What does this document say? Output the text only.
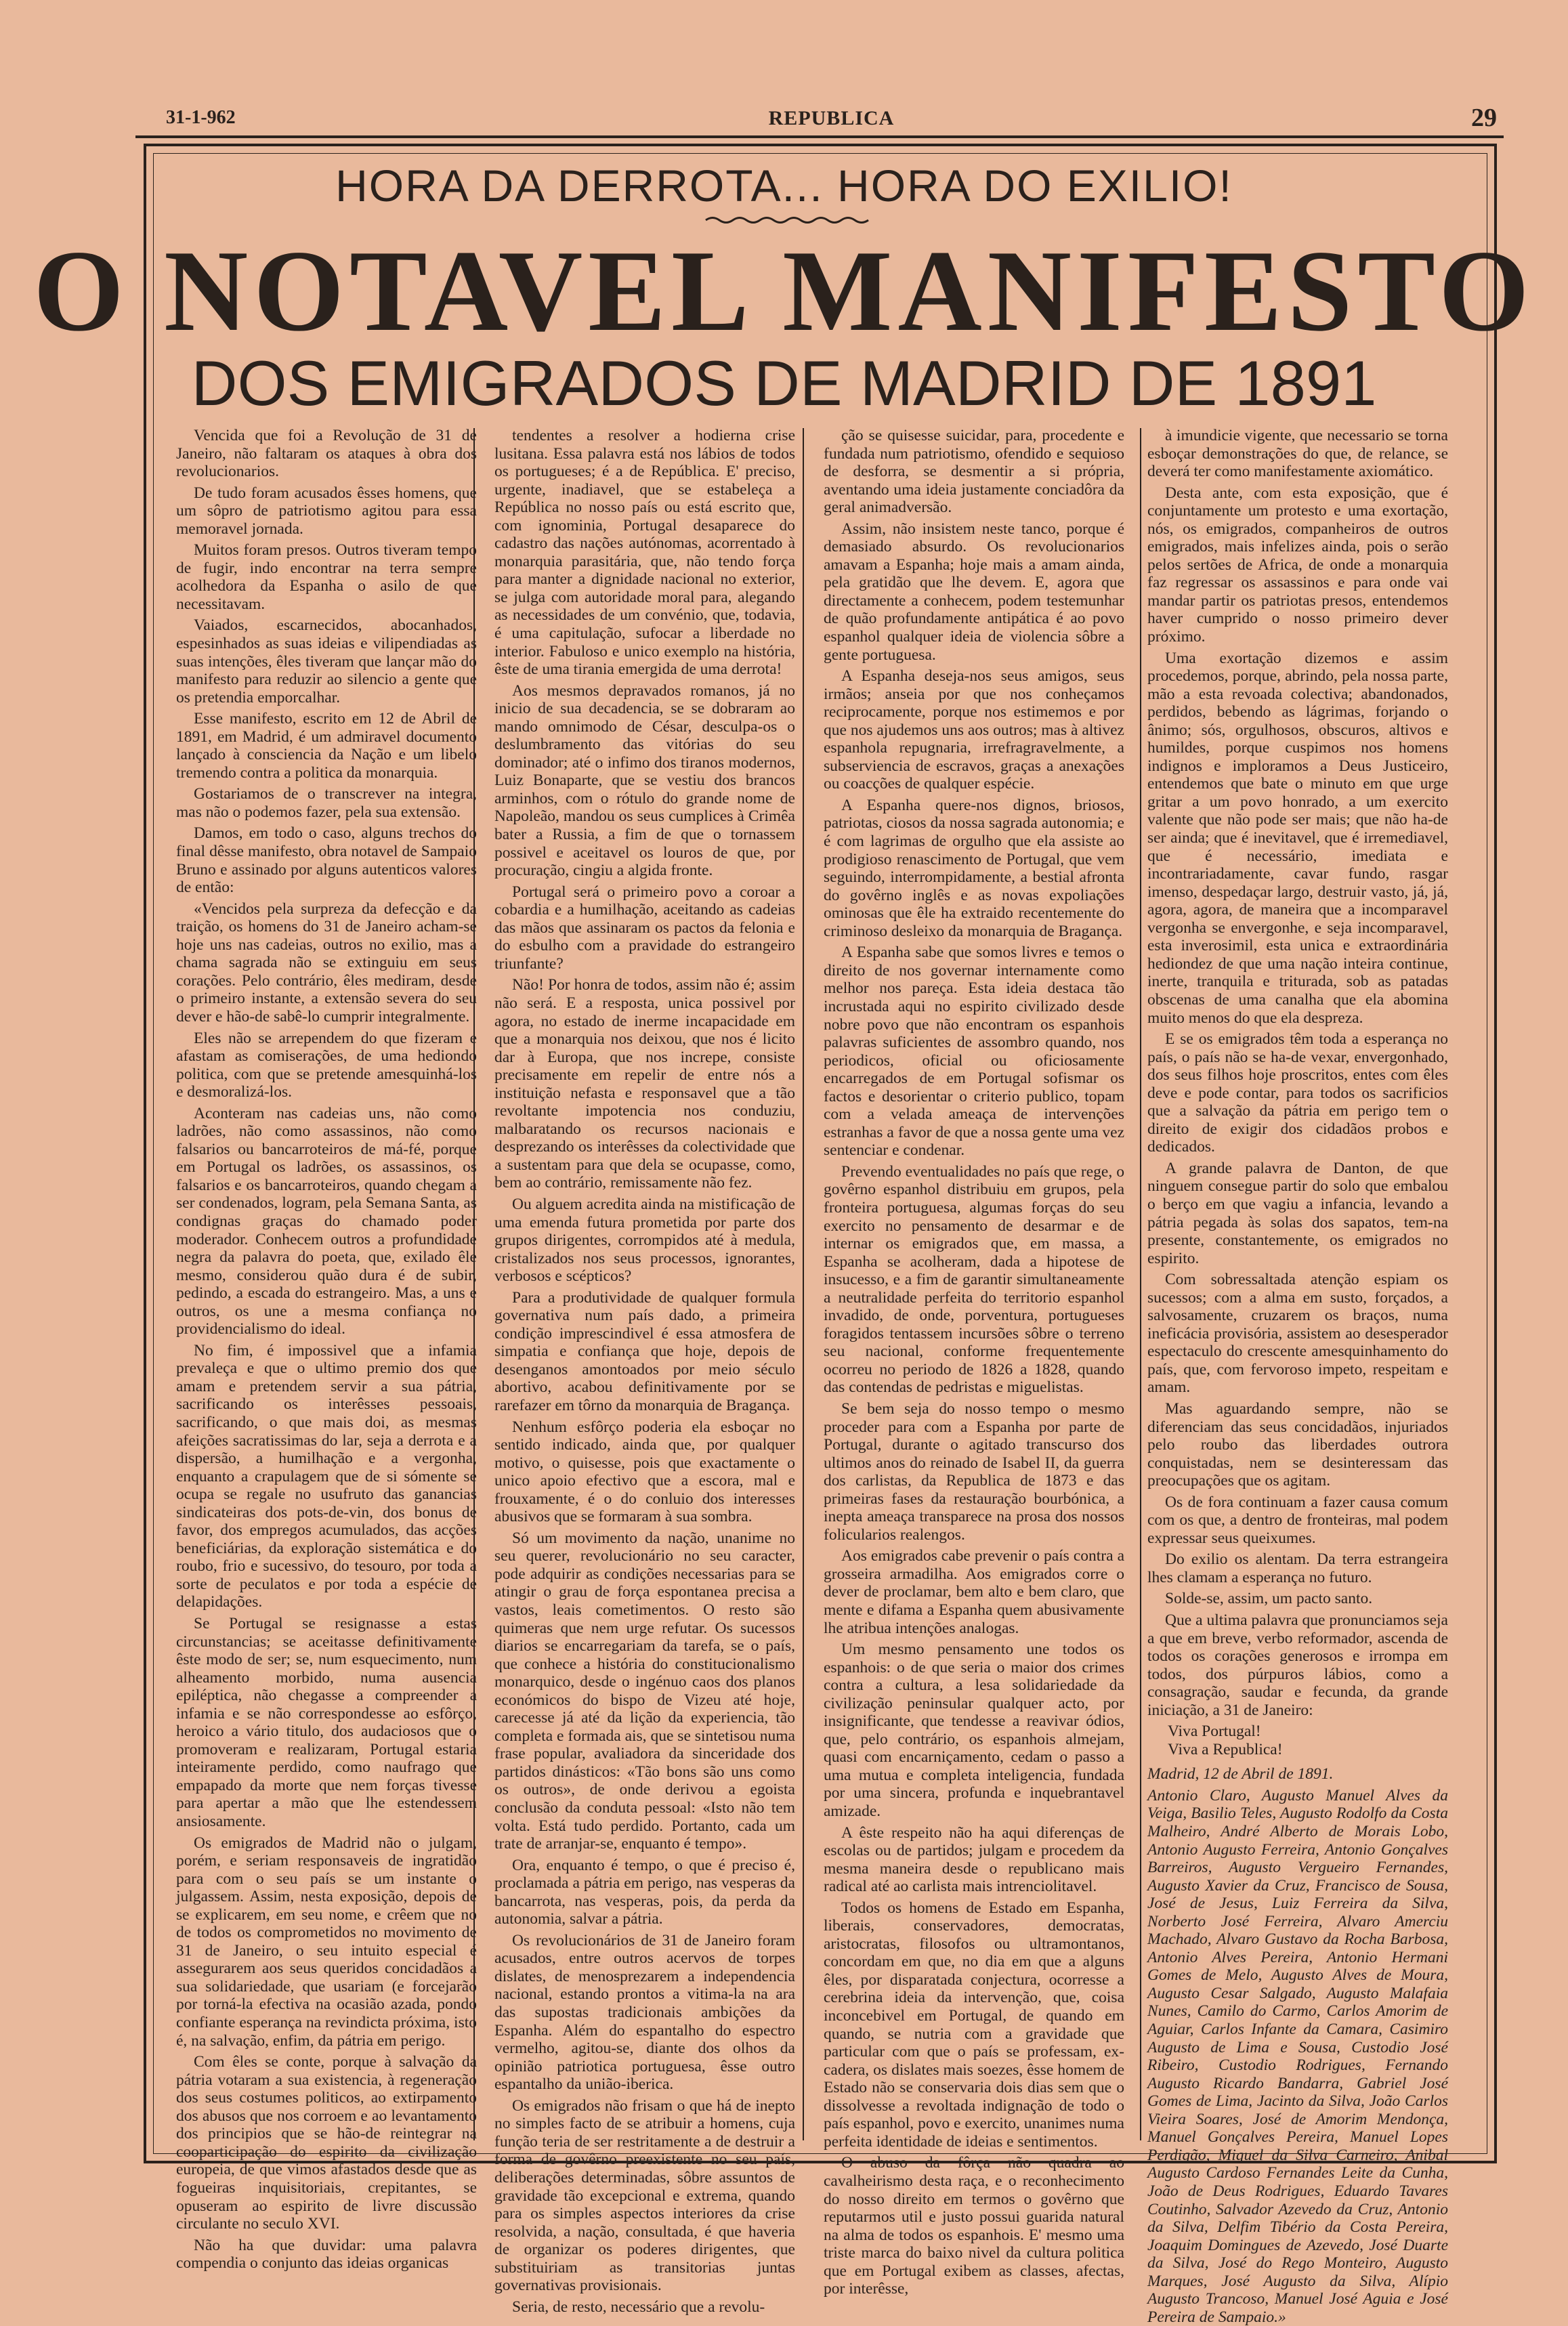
31-1-962	REPUBLICA	29
HORA DA DERROTA... HORA DO EXILIO!
O NOTAVEL MANIFESTO
DOS EMIGRADOS DE MADRID DE 1891

Vencida que foi a Revolução de 31 de Janeiro, não faltaram os ataques à obra dos revolucionarios.

De tudo foram acusados êsses homens, que um sôpro de patriotismo agitou para essa memoravel jornada.

Muitos foram presos. Outros tiveram tempo de fugir, indo encontrar na terra sempre acolhedora da Espanha o asilo de que necessitavam.

Vaiados, escarnecidos, abocanhados, espesinhados as suas ideias e vilipendiadas as suas intenções, êles tiveram que lançar mão do manifesto para reduzir ao silencio a gente que os pretendia emporcalhar.

Esse manifesto, escrito em 12 de Abril de 1891, em Madrid, é um admiravel documento lançado à consciencia da Nação e um libelo tremendo contra a politica da monarquia.

Gostariamos de o transcrever na integra, mas não o podemos fazer, pela sua extensão.

Damos, em todo o caso, alguns trechos do final dêsse manifesto, obra notavel de Sampaio Bruno e assinado por alguns autenticos valores de então:

«Vencidos pela surpreza da defecção e da traição, os homens do 31 de Janeiro acham-se hoje uns nas cadeias, outros no exilio, mas a chama sagrada não se extinguiu em seus corações. Pelo contrário, êles mediram, desde o primeiro instante, a extensão severa do seu dever e hão-de sabê-lo cumprir integralmente.

Eles não se arrependem do que fizeram e afastam as comiserações, de uma hediondo politica, com que se pretende amesquinhá-los e desmoralizá-los.

Aconteram nas cadeias uns, não como ladrões, não como assassinos, não como falsarios ou bancarroteiros de má-fé, porque em Portugal os ladrões, os assassinos, os falsarios e os bancarroteiros, quando chegam a ser condenados, logram, pela Semana Santa, as condignas graças do chamado poder moderador. Conhecem outros a profundidade negra da palavra do poeta, que, exilado êle mesmo, considerou quão dura é de subir, pedindo, a escada do estrangeiro. Mas, a uns e outros, os une a mesma confiança no providencialismo do ideal.

No fim, é impossivel que a infamia prevaleça e que o ultimo premio dos que amam e pretendem servir a sua pátria, sacrificando os interêsses pessoais, sacrificando, o que mais doi, as mesmas afeições sacratissimas do lar, seja a derrota e a dispersão, a humilhação e a vergonha, enquanto a crapulagem que de si sómente se ocupa se regale no usufruto das ganancias sindicateiras dos pots-de-vin, dos bonus de favor, dos empregos acumulados, das acções beneficiárias, da exploração sistemática e do roubo, frio e sucessivo, do tesouro, por toda a sorte de peculatos e por toda a espécie de delapidações.

Se Portugal se resignasse a estas circunstancias; se aceitasse definitivamente êste modo de ser; se, num esquecimento, num alheamento morbido, numa ausencia epiléptica, não chegasse a compreender a infamia e se não correspondesse ao esfôrço, heroico a vário titulo, dos audaciosos que o promoveram e realizaram, Portugal estaria inteiramente perdido, como naufrago que empapado da morte que nem forças tivesse para apertar a mão que lhe estendessem ansiosamente.

Os emigrados de Madrid não o julgam, porém, e seriam responsaveis de ingratidão para com o seu país se um instante o julgassem. Assim, nesta exposição, depois de se explicarem, em seu nome, e crêem que no de todos os comprometidos no movimento de 31 de Janeiro, o seu intuito especial é assegurarem aos seus queridos concidadãos a sua solidariedade, que usariam (e forcejarão por torná-la efectiva na ocasião azada, pondo confiante esperança na revindicta próxima, isto é, na salvação, enfim, da pátria em perigo.

Com êles se conte, porque à salvação da pátria votaram a sua existencia, à regeneração dos seus costumes politicos, ao extirpamento dos abusos que nos corroem e ao levantamento dos principios que se hão-de reintegrar na cooparticipação do espirito da civilização europeia, de que vimos afastados desde que as fogueiras inquisitoriais, crepitantes, se opuseram ao espirito de livre discussão circulante no seculo XVI.

Não ha que duvidar: uma palavra compendia o conjunto das ideias organicas

tendentes a resolver a hodierna crise lusitana. Essa palavra está nos lábios de todos os portugueses; é a de República. E' preciso, urgente, inadiavel, que se estabeleça a República no nosso país ou está escrito que, com ignominia, Portugal desaparece do cadastro das nações autónomas, acorrentado à monarquia parasitária, que, não tendo força para manter a dignidade nacional no exterior, se julga com autoridade moral para, alegando as necessidades de um convénio, que, todavia, é uma capitulação, sufocar a liberdade no interior. Fabuloso e unico exemplo na história, êste de uma tirania emergida de uma derrota!

Aos mesmos depravados romanos, já no inicio de sua decadencia, se se dobraram ao mando omnimodo de César, desculpa-os o deslumbramento das vitórias do seu dominador; até o infimo dos tiranos modernos, Luiz Bonaparte, que se vestiu dos brancos arminhos, com o rótulo do grande nome de Napoleão, mandou os seus cumplices à Crimêa bater a Russia, a fim de que o tornassem possivel e aceitavel os louros de que, por procuração, cingiu a algida fronte.

Portugal será o primeiro povo a coroar a cobardia e a humilhação, aceitando as cadeias das mãos que assinaram os pactos da felonia e do esbulho com a pravidade do estrangeiro triunfante?

Não! Por honra de todos, assim não é; assim não será. E a resposta, unica possivel por agora, no estado de inerme incapacidade em que a monarquia nos deixou, que nos é licito dar à Europa, que nos increpe, consiste precisamente em repelir de entre nós a instituição nefasta e responsavel que a tão revoltante impotencia nos conduziu, malbaratando os recursos nacionais e desprezando os interêsses da colectividade que a sustentam para que dela se ocupasse, como, bem ao contrário, remissamente não fez.

Ou alguem acredita ainda na mistificação de uma emenda futura prometida por parte dos grupos dirigentes, corrompidos até à medula, cristalizados nos seus processos, ignorantes, verbosos e scépticos?

Para a produtividade de qualquer formula governativa num país dado, a primeira condição imprescindivel é essa atmosfera de simpatia e confiança que hoje, depois de desenganos amontoados por meio século abortivo, acabou definitivamente por se rarefazer em tôrno da monarquia de Bragança.

Nenhum esfôrço poderia ela esboçar no sentido indicado, ainda que, por qualquer motivo, o quisesse, pois que exactamente o unico apoio efectivo que a escora, mal e frouxamente, é o do conluio dos interesses abusivos que se formaram à sua sombra.

Só um movimento da nação, unanime no seu querer, revolucionário no seu caracter, pode adquirir as condições necessarias para se atingir o grau de força espontanea precisa a vastos, leais cometimentos. O resto são quimeras que nem urge refutar. Os sucessos diarios se encarregariam da tarefa, se o país, que conhece a história do constitucionalismo monarquico, desde o ingénuo caos dos planos económicos do bispo de Vizeu até hoje, carecesse já até da lição da experiencia, tão completa e formada ais, que se sintetisou numa frase popular, avaliadora da sinceridade dos partidos dinásticos: «Tão bons são uns como os outros», de onde derivou a egoista conclusão da conduta pessoal: «Isto não tem volta. Está tudo perdido. Portanto, cada um trate de arranjar-se, enquanto é tempo».

Ora, enquanto é tempo, o que é preciso é, proclamada a pátria em perigo, nas vesperas da bancarrota, nas vesperas, pois, da perda da autonomia, salvar a pátria.

Os revolucionários de 31 de Janeiro foram acusados, entre outros acervos de torpes dislates, de menosprezarem a independencia nacional, estando prontos a vitima-la na ara das supostas tradicionais ambições da Espanha. Além do espantalho do espectro vermelho, agitou-se, diante dos olhos da opinião patriotica portuguesa, êsse outro espantalho da união-iberica.

Os emigrados não frisam o que há de inepto no simples facto de se atribuir a homens, cuja função teria de ser restritamente a de destruir a forma de govêrno preexistente no seu país, deliberações determinadas, sôbre assuntos de gravidade tão excepcional e extrema, quando para os simples aspectos interiores da crise resolvida, a nação, consultada, é que haveria de organizar os poderes dirigentes, que substituiriam as transitorias juntas governativas provisionais.

Seria, de resto, necessário que a revolu-

ção se quisesse suicidar, para, procedente e fundada num patriotismo, ofendido e sequioso de desforra, se desmentir a si própria, aventando uma ideia justamente conciadôra da geral animadversão.

Assim, não insistem neste tanco, porque é demasiado absurdo. Os revolucionarios amavam a Espanha; hoje mais a amam ainda, pela gratidão que lhe devem. E, agora que directamente a conhecem, podem testemunhar de quão profundamente antipática é ao povo espanhol qualquer ideia de violencia sôbre a gente portuguesa.

A Espanha deseja-nos seus amigos, seus irmãos; anseia por que nos conheçamos reciprocamente, porque nos estimemos e por que nos ajudemos uns aos outros; mas à altivez espanhola repugnaria, irrefragravelmente, a subserviencia de escravos, graças a anexações ou coacções de qualquer espécie.

A Espanha quere-nos dignos, briosos, patriotas, ciosos da nossa sagrada autonomia; e é com lagrimas de orgulho que ela assiste ao prodigioso renascimento de Portugal, que vem seguindo, interrompidamente, a bestial afronta do govêrno inglês e as novas expoliações ominosas que êle ha extraido recentemente do criminoso desleixo da monarquia de Bragança.

A Espanha sabe que somos livres e temos o direito de nos governar internamente como melhor nos pareça. Esta ideia destaca tão incrustada aqui no espirito civilizado desde nobre povo que não encontram os espanhois palavras suficientes de assombro quando, nos periodicos, oficial ou oficiosamente encarregados de em Portugal sofismar os factos e desorientar o criterio publico, topam com a velada ameaça de intervenções estranhas a favor de que a nossa gente uma vez sentenciar e condenar.

Prevendo eventualidades no país que rege, o govêrno espanhol distribuiu em grupos, pela fronteira portuguesa, algumas forças do seu exercito no pensamento de desarmar e de internar os emigrados que, em massa, a Espanha se acolheram, dada a hipotese de insucesso, e a fim de garantir simultaneamente a neutralidade perfeita do territorio espanhol invadido, de onde, porventura, portugueses foragidos tentassem incursões sôbre o terreno seu nacional, conforme frequentemente ocorreu no periodo de 1826 a 1828, quando das contendas de pedristas e miguelistas.

Se bem seja do nosso tempo o mesmo proceder para com a Espanha por parte de Portugal, durante o agitado transcurso dos ultimos anos do reinado de Isabel II, da guerra dos carlistas, da Republica de 1873 e das primeiras fases da restauração bourbónica, a inepta ameaça transparece na prosa dos nossos folicularios realengos.

Aos emigrados cabe prevenir o país contra a grosseira armadilha. Aos emigrados corre o dever de proclamar, bem alto e bem claro, que mente e difama a Espanha quem abusivamente lhe atribua intenções analogas.

Um mesmo pensamento une todos os espanhois: o de que seria o maior dos crimes contra a cultura, a lesa solidariedade da civilização peninsular qualquer acto, por insignificante, que tendesse a reavivar ódios, que, pelo contrário, os espanhois almejam, quasi com encarniçamento, cedam o passo a uma mutua e completa inteligencia, fundada por uma sincera, profunda e inquebrantavel amizade.

A êste respeito não ha aqui diferenças de escolas ou de partidos; julgam e procedem da mesma maneira desde o republicano mais radical até ao carlista mais intrenciolitavel.

Todos os homens de Estado em Espanha, liberais, conservadores, democratas, aristocratas, filosofos ou ultramontanos, concordam em que, no dia em que a alguns êles, por disparatada conjectura, ocorresse a cerebrina ideia da intervenção, que, coisa inconcebivel em Portugal, de quando em quando, se nutria com a gravidade que particular com que o país se professam, ex-cadera, os dislates mais soezes, êsse homem de Estado não se conservaria dois dias sem que o dissolvesse a revoltada indignação de todo o país espanhol, povo e exercito, unanimes numa perfeita identidade de ideias e sentimentos.

O abuso da fôrça não quadra ao cavalheirismo desta raça, e o reconhecimento do nosso direito em termos o govêrno que reputarmos util e justo possui guarida natural na alma de todos os espanhois. E' mesmo uma triste marca do baixo nivel da cultura politica que em Portugal exibem as classes, afectas, por interêsse,

à imundicie vigente, que necessario se torna esboçar demonstrações do que, de relance, se deverá ter como manifestamente axiomático.

Desta ante, com esta exposição, que é conjuntamente um protesto e uma exortação, nós, os emigrados, companheiros de outros emigrados, mais infelizes ainda, pois o serão pelos sertões de Africa, de onde a monarquia faz regressar os assassinos e para onde vai mandar partir os patriotas presos, entendemos haver cumprido o nosso primeiro dever próximo.

Uma exortação dizemos e assim procedemos, porque, abrindo, pela nossa parte, mão a esta revoada colectiva; abandonados, perdidos, bebendo as lágrimas, forjando o ânimo; sós, orgulhosos, obscuros, altivos e humildes, porque cuspimos nos homens indignos e imploramos a Deus Justiceiro, entendemos que bate o minuto em que urge gritar a um povo honrado, a um exercito valente que não pode ser mais; que não ha-de ser ainda; que é inevitavel, que é irremediavel, que é necessário, imediata e incontrariadamente, cavar fundo, rasgar imenso, despedaçar largo, destruir vasto, já, já, agora, agora, de maneira que a incomparavel vergonha se envergonhe, e seja incomparavel, esta inverosimil, esta unica e extraordinária hediondez de que uma nação inteira continue, inerte, tranquila e triturada, sob as patadas obscenas de uma canalha que ela abomina muito menos do que ela despreza.

E se os emigrados têm toda a esperança no país, o país não se ha-de vexar, envergonhado, dos seus filhos hoje proscritos, entes com êles deve e pode contar, para todos os sacrificios que a salvação da pátria em perigo tem o direito de exigir dos cidadãos probos e dedicados.

A grande palavra de Danton, de que ninguem consegue partir do solo que embalou o berço em que vagiu a infancia, levando a pátria pegada às solas dos sapatos, tem-na presente, constantemente, os emigrados no espirito.

Com sobressaltada atenção espiam os sucessos; com a alma em susto, forçados, a salvosamente, cruzarem os braços, numa ineficácia provisória, assistem ao desesperador espectaculo do crescente amesquinhamento do país, que, com fervoroso impeto, respeitam e amam.

Mas aguardando sempre, não se diferenciam das seus concidadãos, injuriados pelo roubo das liberdades outrora conquistadas, nem se desinteressam das preocupações que os agitam.

Os de fora continuam a fazer causa comum com os que, a dentro de fronteiras, mal podem expressar seus queixumes.

Do exilio os alentam. Da terra estrangeira lhes clamam a esperança no futuro.

Solde-se, assim, um pacto santo.

Que a ultima palavra que pronunciamos seja a que em breve, verbo reformador, ascenda de todos os corações generosos e irrompa em todos, dos púrpuros lábios, como a consagração, saudar e fecunda, da grande iniciação, a 31 de Janeiro:

Viva Portugal!

Viva a Republica!

Madrid, 12 de Abril de 1891.

Antonio Claro, Augusto Manuel Alves da Veiga, Basilio Teles, Augusto Rodolfo da Costa Malheiro, André Alberto de Morais Lobo, Antonio Augusto Ferreira, Antonio Gonçalves Barreiros, Augusto Vergueiro Fernandes, Augusto Xavier da Cruz, Francisco de Sousa, José de Jesus, Luiz Ferreira da Silva, Norberto José Ferreira, Alvaro Amerciu Machado, Alvaro Gustavo da Rocha Barbosa, Antonio Alves Pereira, Antonio Hermani Gomes de Melo, Augusto Alves de Moura, Augusto Cesar Salgado, Augusto Malafaia Nunes, Camilo do Carmo, Carlos Amorim de Aguiar, Carlos Infante da Camara, Casimiro Augusto de Lima e Sousa, Custodio José Ribeiro, Custodio Rodrigues, Fernando Augusto Ricardo Bandarra, Gabriel José Gomes de Lima, Jacinto da Silva, João Carlos Vieira Soares, José de Amorim Mendonça, Manuel Gonçalves Pereira, Manuel Lopes Perdigão, Miguel da Silva Carneiro, Anibal Augusto Cardoso Fernandes Leite da Cunha, João de Deus Rodrigues, Eduardo Tavares Coutinho, Salvador Azevedo da Cruz, Antonio da Silva, Delfim Tibério da Costa Pereira, Joaquim Domingues de Azevedo, José Duarte da Silva, José do Rego Monteiro, Augusto Marques, José Augusto da Silva, Alípio Augusto Trancoso, Manuel José Aguia e José Pereira de Sampaio.»
